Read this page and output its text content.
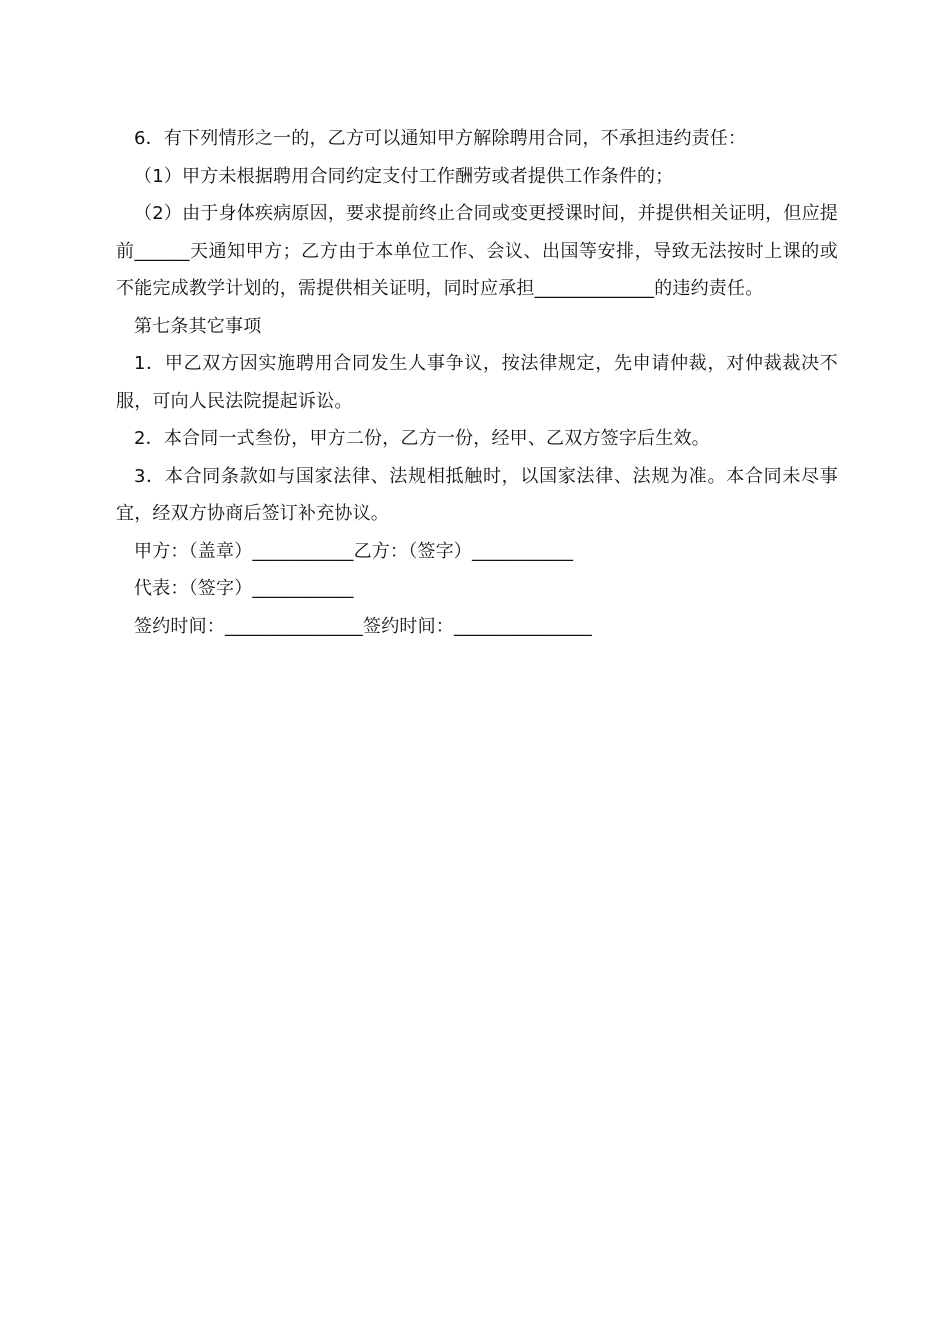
6．有下列情形之一的，乙方可以通知甲方解除聘用合同，不承担违约责任：

（1）甲方未根据聘用合同约定支付工作酬劳或者提供工作条件的；

（2）由于身体疾病原因，要求提前终止合同或变更授课时间，并提供相关证明，但应提前______天通知甲方；乙方由于本单位工作、会议、出国等安排，导致无法按时上课的或不能完成教学计划的，需提供相关证明，同时应承担_____________的违约责任。

第七条其它事项

1．甲乙双方因实施聘用合同发生人事争议，按法律规定，先申请仲裁，对仲裁裁决不服，可向人民法院提起诉讼。

2．本合同一式叁份，甲方二份，乙方一份，经甲、乙双方签字后生效。

3．本合同条款如与国家法律、法规相抵触时，以国家法律、法规为准。本合同未尽事宜，经双方协商后签订补充协议。

甲方：（盖章）___________乙方：（签字）___________

代表：（签字）___________

签约时间：_______________签约时间：_______________
